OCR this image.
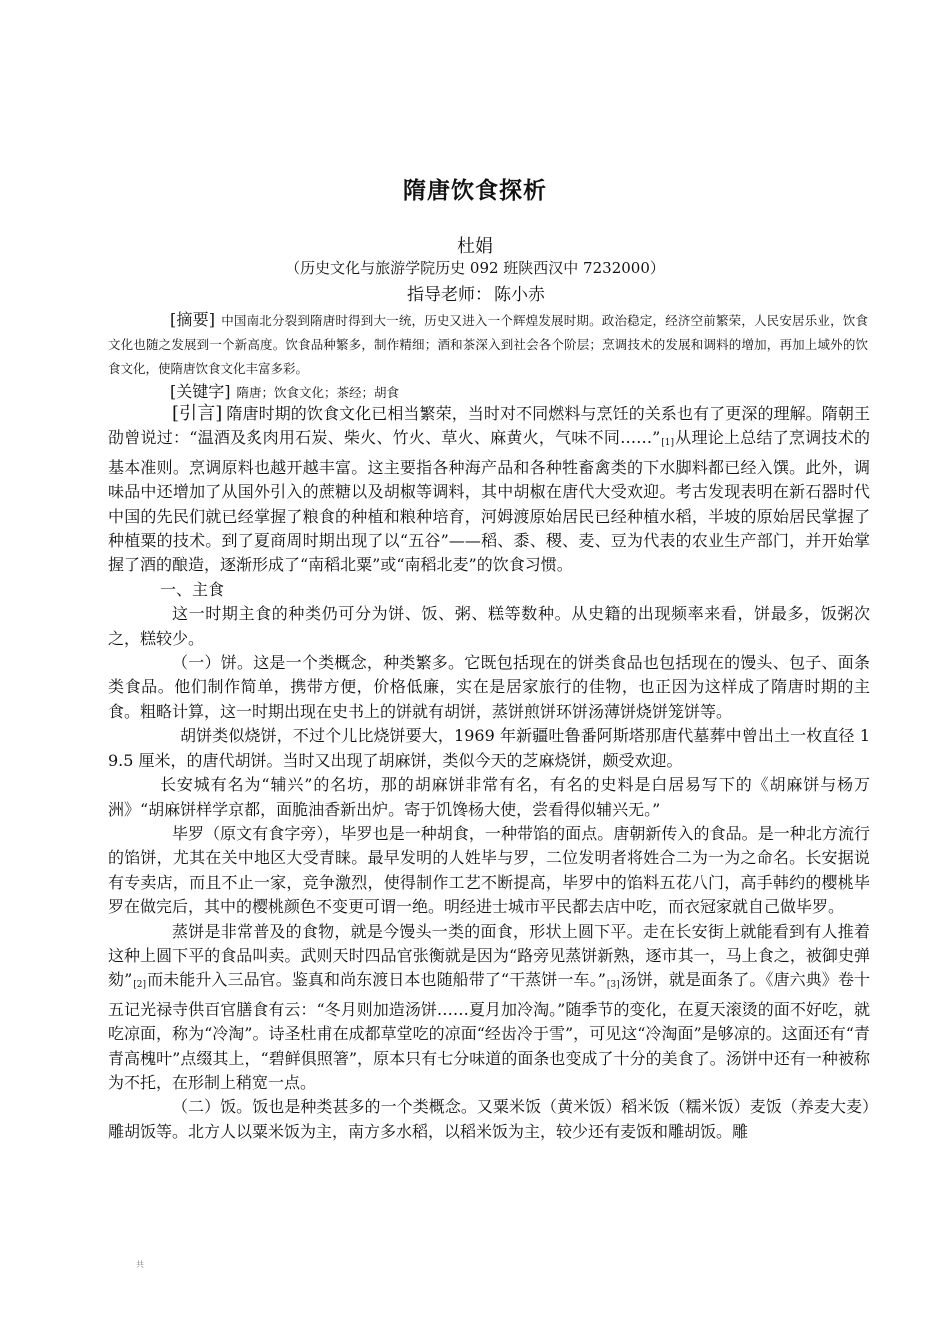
隋唐饮食探析
杜娟
（历史文化与旅游学院历史 092 班陕西汉中 7232000）
指导老师： 陈小赤
[摘要] 中国南北分裂到隋唐时得到大一统，历史又进入一个辉煌发展时期。政治稳定，经济空前繁荣，人民安居乐业，饮食文化也随之发展到一个新高度。饮食品种繁多，制作精细；酒和茶深入到社会各个阶层；烹调技术的发展和调料的增加，再加上域外的饮食文化，使隋唐饮食文化丰富多彩。
[关键字] 隋唐；饮食文化；茶经；胡食

[引言] 隋唐时期的饮食文化已相当繁荣，当时对不同燃料与烹饪的关系也有了更深的理解。隋朝王劭曾说过：“温酒及炙肉用石炭、柴火、竹火、草火、麻黄火，气味不同……”[1]从理论上总结了烹调技术的基本准则。烹调原料也越开越丰富。这主要指各种海产品和各种牲畜禽类的下水脚料都已经入馔。此外，调味品中还增加了从国外引入的蔗糖以及胡椒等调料，其中胡椒在唐代大受欢迎。考古发现表明在新石器时代中国的先民们就已经掌握了粮食的种植和粮种培育，河姆渡原始居民已经种植水稻，半坡的原始居民掌握了种植粟的技术。到了夏商周时期出现了以“五谷”——稻、黍、稷、麦、豆为代表的农业生产部门，并开始掌握了酒的酿造，逐渐形成了“南稻北粟”或“南稻北麦”的饮食习惯。

一、主食

这一时期主食的种类仍可分为饼、饭、粥、糕等数种。从史籍的出现频率来看，饼最多，饭粥次之，糕较少。

（一）饼。这是一个类概念，种类繁多。它既包括现在的饼类食品也包括现在的馒头、包子、面条类食品。他们制作简单，携带方便，价格低廉，实在是居家旅行的佳物，也正因为这样成了隋唐时期的主食。粗略计算，这一时期出现在史书上的饼就有胡饼，蒸饼煎饼环饼汤薄饼烧饼笼饼等。

胡饼类似烧饼，不过个儿比烧饼要大，1969 年新疆吐鲁番阿斯塔那唐代墓葬中曾出土一枚直径 19.5 厘米，的唐代胡饼。当时又出现了胡麻饼，类似今天的芝麻烧饼，颇受欢迎。

长安城有名为“辅兴”的名坊，那的胡麻饼非常有名，有名的史料是白居易写下的《胡麻饼与杨万洲》“胡麻饼样学京都，面脆油香新出炉。寄于饥馋杨大使，尝看得似辅兴无。”

毕罗（原文有食字旁），毕罗也是一种胡食，一种带馅的面点。唐朝新传入的食品。是一种北方流行的馅饼，尤其在关中地区大受青睐。最早发明的人姓毕与罗，二位发明者将姓合二为一为之命名。长安据说有专卖店，而且不止一家，竞争激烈，使得制作工艺不断提高，毕罗中的馅料五花八门，高手韩约的樱桃毕罗在做完后，其中的樱桃颜色不变更可谓一绝。明经进士城市平民都去店中吃，而衣冠家就自己做毕罗。

蒸饼是非常普及的食物，就是今馒头一类的面食，形状上圆下平。走在长安街上就能看到有人推着这种上圆下平的食品叫卖。武则天时四品官张衡就是因为“路旁见蒸饼新熟，逐市其一，马上食之，被御史弹劾”[2]而未能升入三品官。鉴真和尚东渡日本也随船带了“干蒸饼一车。”[3]汤饼，就是面条了。《唐六典》卷十五记光禄寺供百官膳食有云：“冬月则加造汤饼……夏月加冷淘。”随季节的变化，在夏天滚烫的面不好吃，就吃凉面，称为“冷淘”。诗圣杜甫在成都草堂吃的凉面“经齿冷于雪”，可见这“冷淘面”是够凉的。这面还有“青青高槐叶”点缀其上，“碧鲜俱照箸”，原本只有七分味道的面条也变成了十分的美食了。汤饼中还有一种被称为不托，在形制上稍宽一点。

（二）饭。饭也是种类甚多的一个类概念。又粟米饭（黄米饭）稻米饭（糯米饭）麦饭（养麦大麦）雕胡饭等。北方人以粟米饭为主，南方多水稻，以稻米饭为主，较少还有麦饭和雕胡饭。雕

共
